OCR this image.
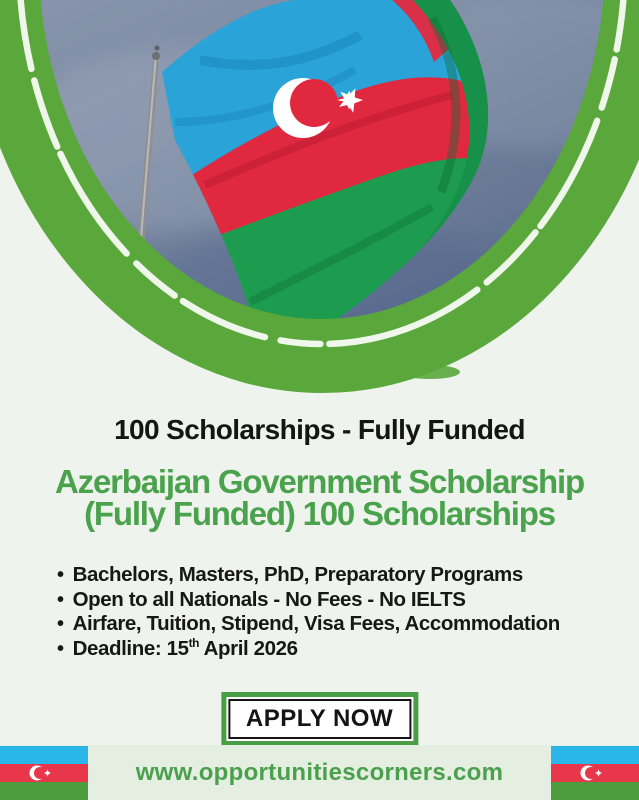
100 Scholarships - Fully Funded
Azerbaijan Government Scholarship
(Fully Funded) 100 Scholarships
• Bachelors, Masters, PhD, Preparatory Programs
• Open to all Nationals - No Fees - No IELTS
• Airfare, Tuition, Stipend, Visa Fees, Accommodation
• Deadline: 15th April 2026
APPLY NOW
www.opportunitiescorners.com
